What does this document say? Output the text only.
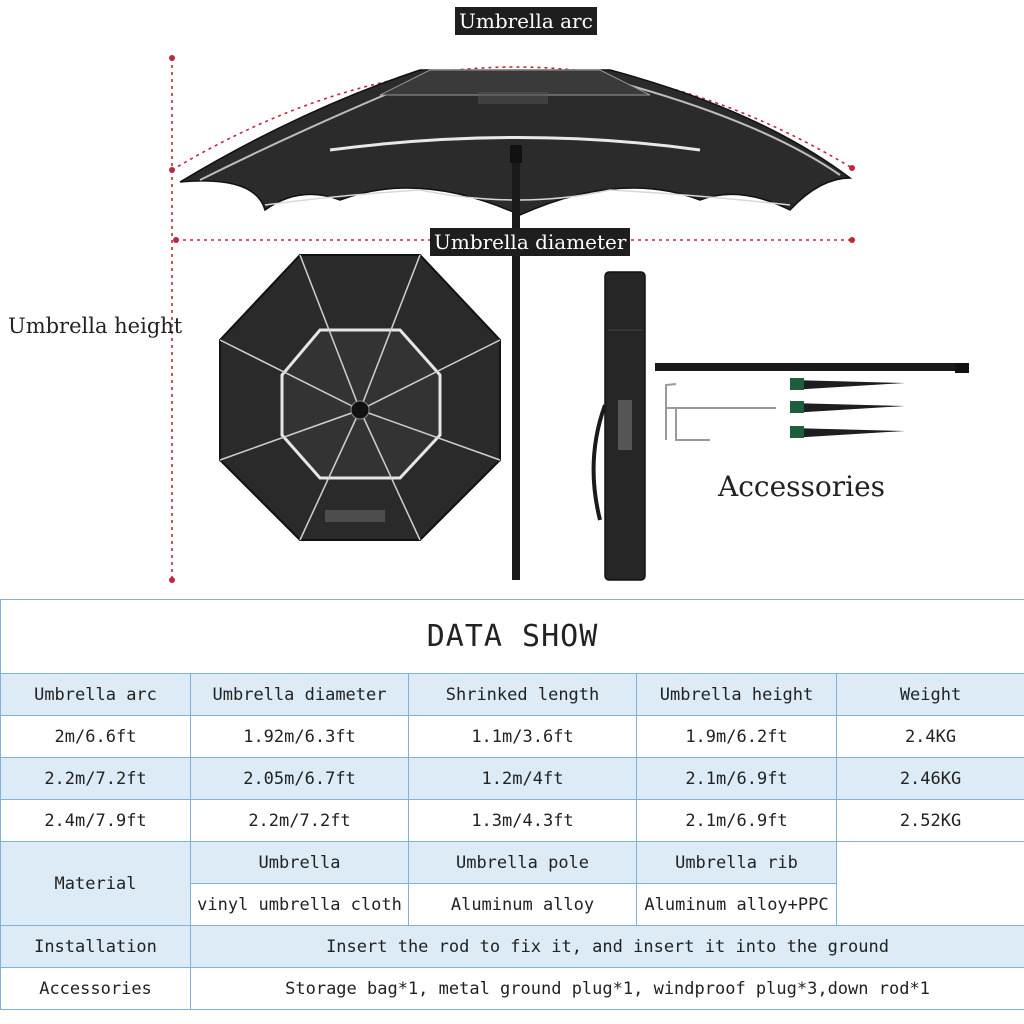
Umbrella arc
Umbrella diameter
Umbrella height
Accessories
DATA SHOW				
Umbrella arc	Umbrella diameter	Shrinked length	Umbrella height	Weight
2m/6.6ft	1.92m/6.3ft	1.1m/3.6ft	1.9m/6.2ft	2.4KG
2.2m/7.2ft	2.05m/6.7ft	1.2m/4ft	2.1m/6.9ft	2.46KG
2.4m/7.9ft	2.2m/7.2ft	1.3m/4.3ft	2.1m/6.9ft	2.52KG
Material	Umbrella	Umbrella pole	Umbrella rib	
	vinyl umbrella cloth	Aluminum alloy	Aluminum alloy+PPC	
Installation	Insert the rod to fix it, and insert it into the ground			
Accessories	Storage bag*1, metal ground plug*1, windproof plug*3,down rod*1			
